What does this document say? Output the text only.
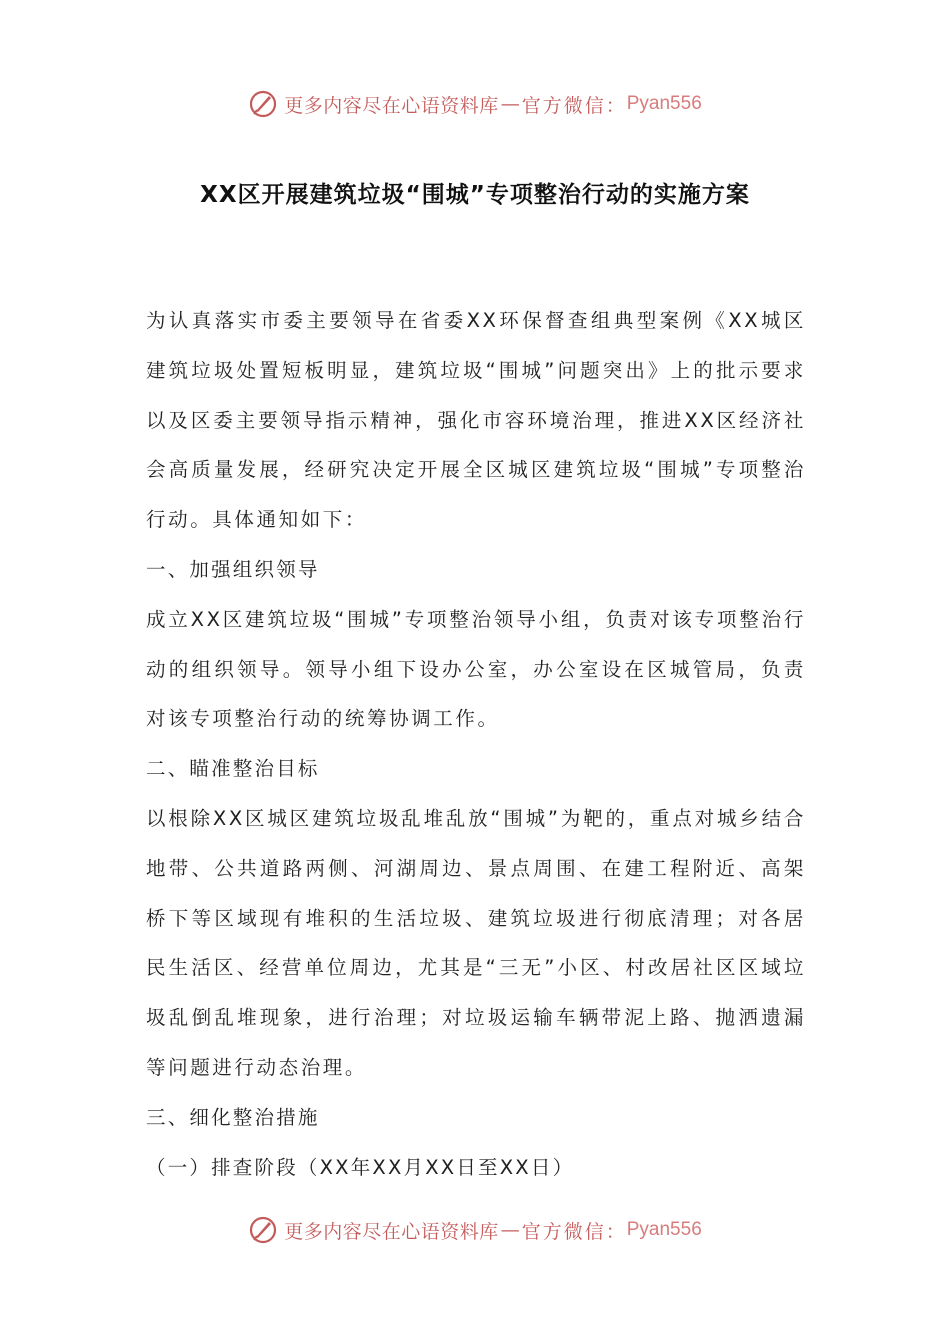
更多内容尽在心语资料库 — 官方微信： Pyan556
XX区开展建筑垃圾“围城”专项整治行动的实施方案

为认真落实市委主要领导在省委XX环保督查组典型案例《XX城区建筑垃圾处置短板明显，建筑垃圾“围城”问题突出》上的批示要求以及区委主要领导指示精神，强化市容环境治理，推进XX区经济社会高质量发展，经研究决定开展全区城区建筑垃圾“围城”专项整治行动。具体通知如下：

一、加强组织领导

成立XX区建筑垃圾“围城”专项整治领导小组，负责对该专项整治行动的组织领导。领导小组下设办公室，办公室设在区城管局，负责对该专项整治行动的统筹协调工作。

二、瞄准整治目标

以根除XX区城区建筑垃圾乱堆乱放“围城”为靶的，重点对城乡结合地带、公共道路两侧、河湖周边、景点周围、在建工程附近、高架桥下等区域现有堆积的生活垃圾、建筑垃圾进行彻底清理；对各居民生活区、经营单位周边，尤其是“三无”小区、村改居社区区域垃圾乱倒乱堆现象，进行治理；对垃圾运输车辆带泥上路、抛洒遗漏等问题进行动态治理。

三、细化整治措施

（一）排查阶段（XX年XX月XX日至XX日）

更多内容尽在心语资料库 — 官方微信： Pyan556
